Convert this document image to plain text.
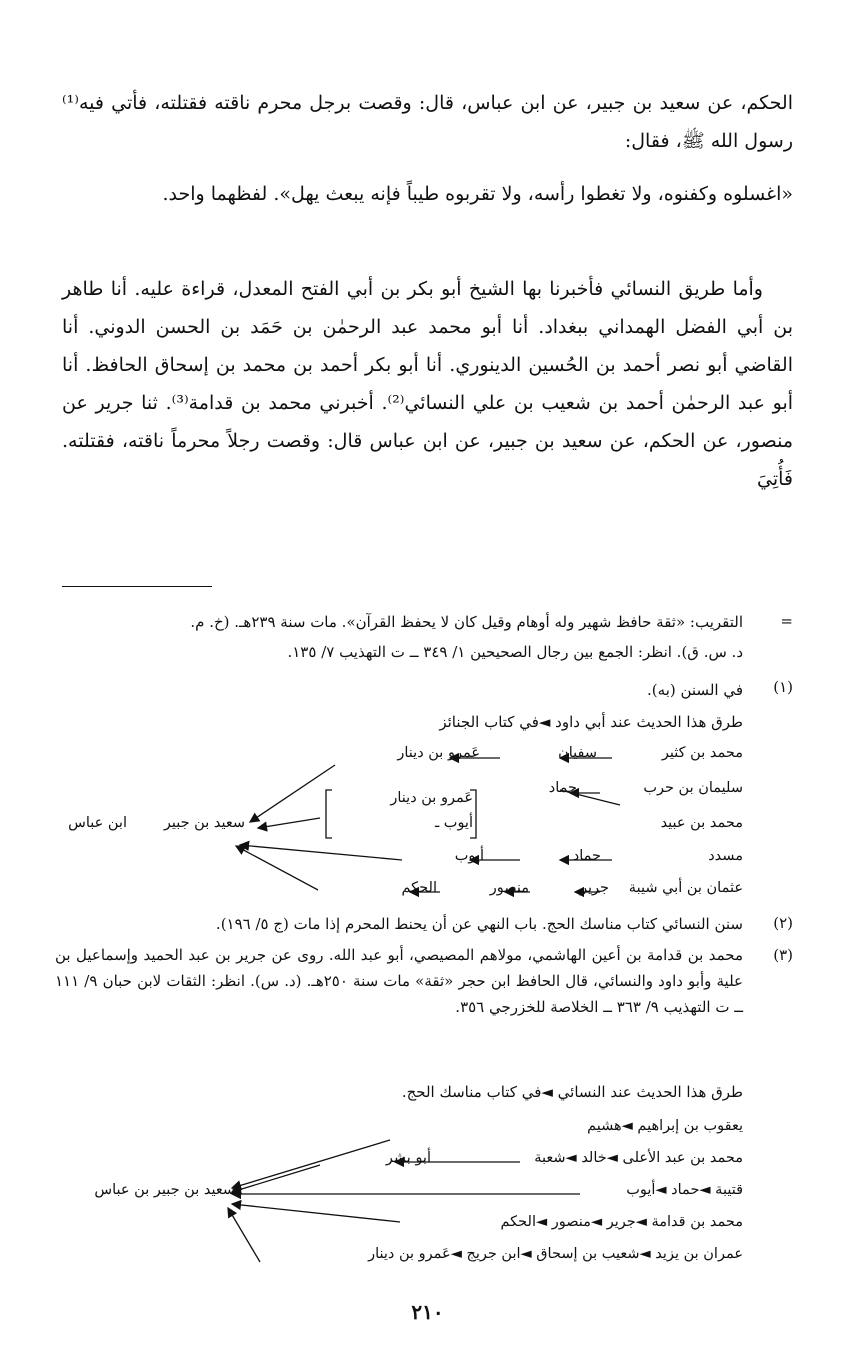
الحكم، عن سعيد بن جبير، عن ابن عباس، قال: وقصت برجل محرم ناقته فقتلته، فأتي فيه⁽¹⁾ رسول الله ﷺ، فقال:

«اغسلوه وكفنوه، ولا تغطوا رأسه، ولا تقربوه طيباً فإنه يبعث يهل». لفظهما واحد.

وأما طريق النسائي فأخبرنا بها الشيخ أبو بكر بن أبي الفتح المعدل، قراءة عليه. أنا طاهر بن أبي الفضل الهمداني ببغداد. أنا أبو محمد عبد الرحمٰن بن حَمَد بن الحسن الدوني. أنا القاضي أبو نصر أحمد بن الحُسين الدينوري. أنا أبو بكر أحمد بن محمد بن إسحاق الحافظ. أنا أبو عبد الرحمٰن أحمد بن شعيب بن علي النسائي⁽²⁾. أخبرني محمد بن قدامة⁽³⁾. ثنا جرير عن منصور، عن الحكم، عن سعيد بن جبير، عن ابن عباس قال: وقصت رجلاً محرماً ناقته، فقتلته. فَأُتِيَ

=
التقريب: «ثقة حافظ شهير وله أوهام وقيل كان لا يحفظ القرآن». مات سنة ٢٣٩هـ. (خ. م.
د. س. ق). انظر: الجمع بين رجال الصحيحين ١/ ٣٤٩ ــ ت التهذيب ٧/ ١٣٥.
(١)
في السنن (به).
طرق هذا الحديث عند أبي داود ◄في كتاب الجنائز
محمد بن كثير
سفيان
عَمرو بن دينار
سليمان بن حرب
حماد
عَمرو بن دينار
أيوب ـ	محمد بن عبيد
مسدد
حماد
أيوب
عثمان بن أبي شيبة
جرير
منصور
الحكم
سعيد بن جبير
ابن عباس
(٢)
سنن النسائي كتاب مناسك الحج. باب النهي عن أن يحنط المحرم إذا مات (ج ٥/ ١٩٦).
(٣)
محمد بن قدامة بن أعين الهاشمي، مولاهم المصيصي، أبو عبد الله. روى عن جرير بن عبد الحميد وإسماعيل بن علية وأبو داود والنسائي، قال الحافظ ابن حجر «ثقة» مات سنة ٢٥٠هـ. (د. س). انظر: الثقات لابن حبان ٩/ ١١١ ــ ت التهذيب ٩/ ٣٦٣ ــ الخلاصة للخزرجي ٣٥٦.
طرق هذا الحديث عند النسائي ◄في كتاب مناسك الحج.
يعقوب بن إبراهيم ◄هشيم
محمد بن عبد الأعلى ◄خالد ◄شعبة
أبو بشر
قتيبة ◄حماد ◄أيوب
محمد بن قدامة ◄جرير ◄منصور ◄الحكم
عمران بن يزيد ◄شعيب بن إسحاق ◄ابن جريج ◄عَمرو بن دينار
سعيد بن جبير بن عباس
٢١٠
